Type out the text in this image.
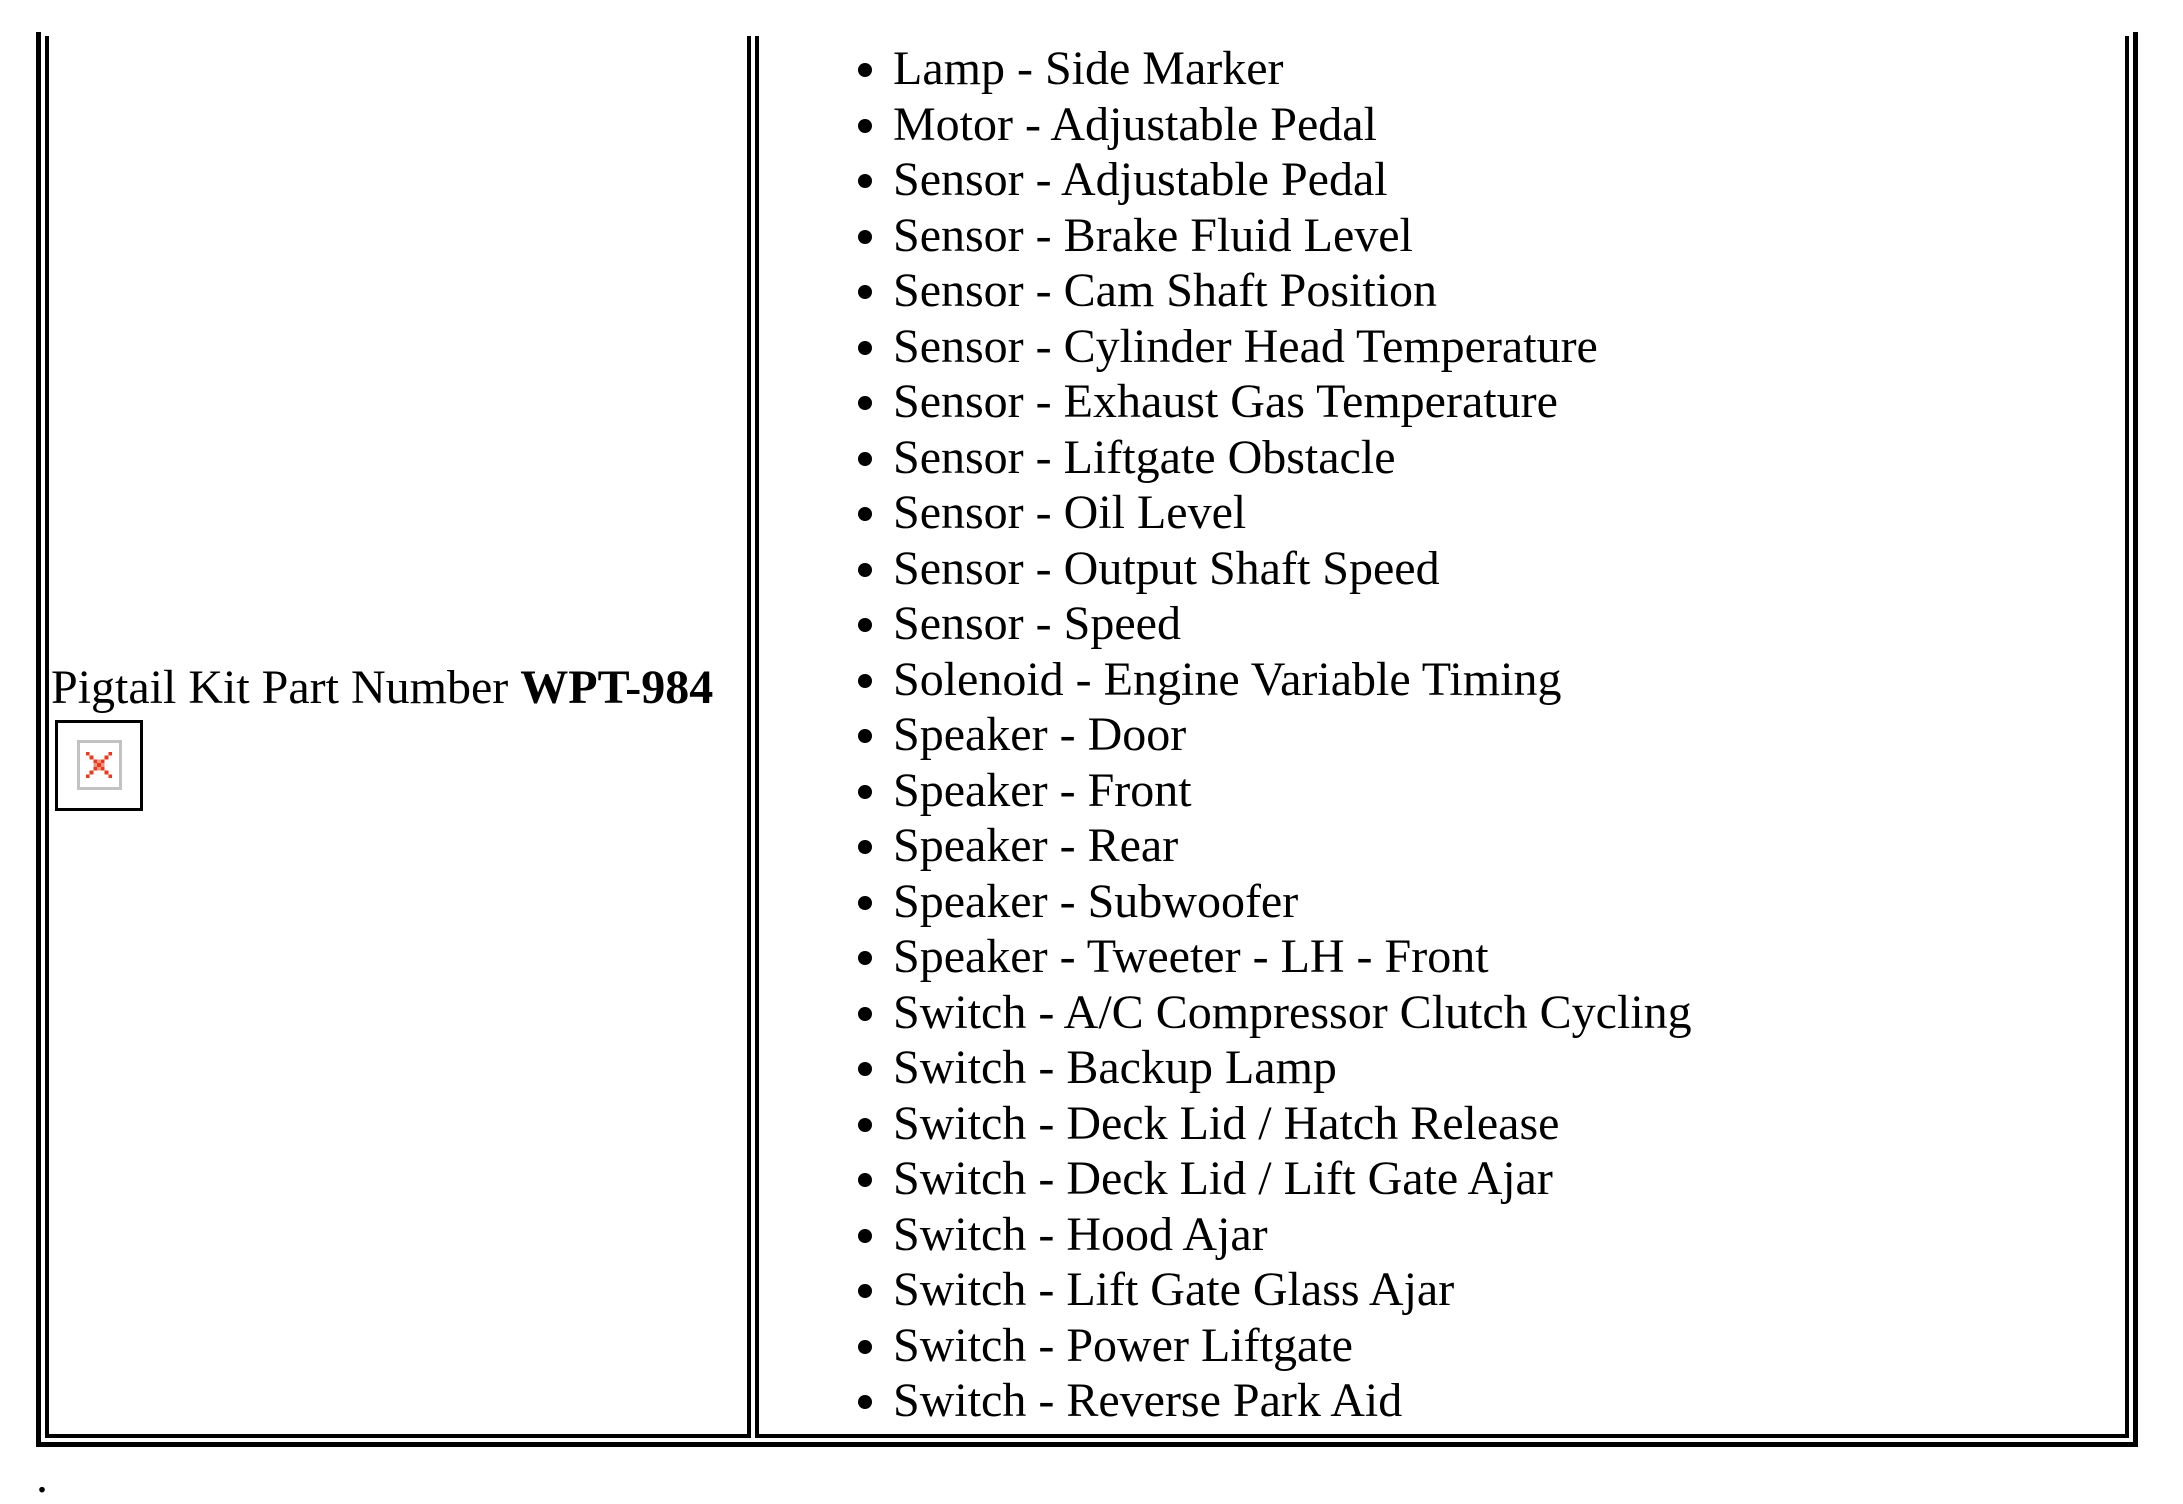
Pigtail Kit Part Number WPT-984

• Lamp - Side Marker
• Motor - Adjustable Pedal
• Sensor - Adjustable Pedal
• Sensor - Brake Fluid Level
• Sensor - Cam Shaft Position
• Sensor - Cylinder Head Temperature
• Sensor - Exhaust Gas Temperature
• Sensor - Liftgate Obstacle
• Sensor - Oil Level
• Sensor - Output Shaft Speed
• Sensor - Speed
• Solenoid - Engine Variable Timing
• Speaker - Door
• Speaker - Front
• Speaker - Rear
• Speaker - Subwoofer
• Speaker - Tweeter - LH - Front
• Switch - A/C Compressor Clutch Cycling
• Switch - Backup Lamp
• Switch - Deck Lid / Hatch Release
• Switch - Deck Lid / Lift Gate Ajar
• Switch - Hood Ajar
• Switch - Lift Gate Glass Ajar
• Switch - Power Liftgate
• Switch - Reverse Park Aid
.
